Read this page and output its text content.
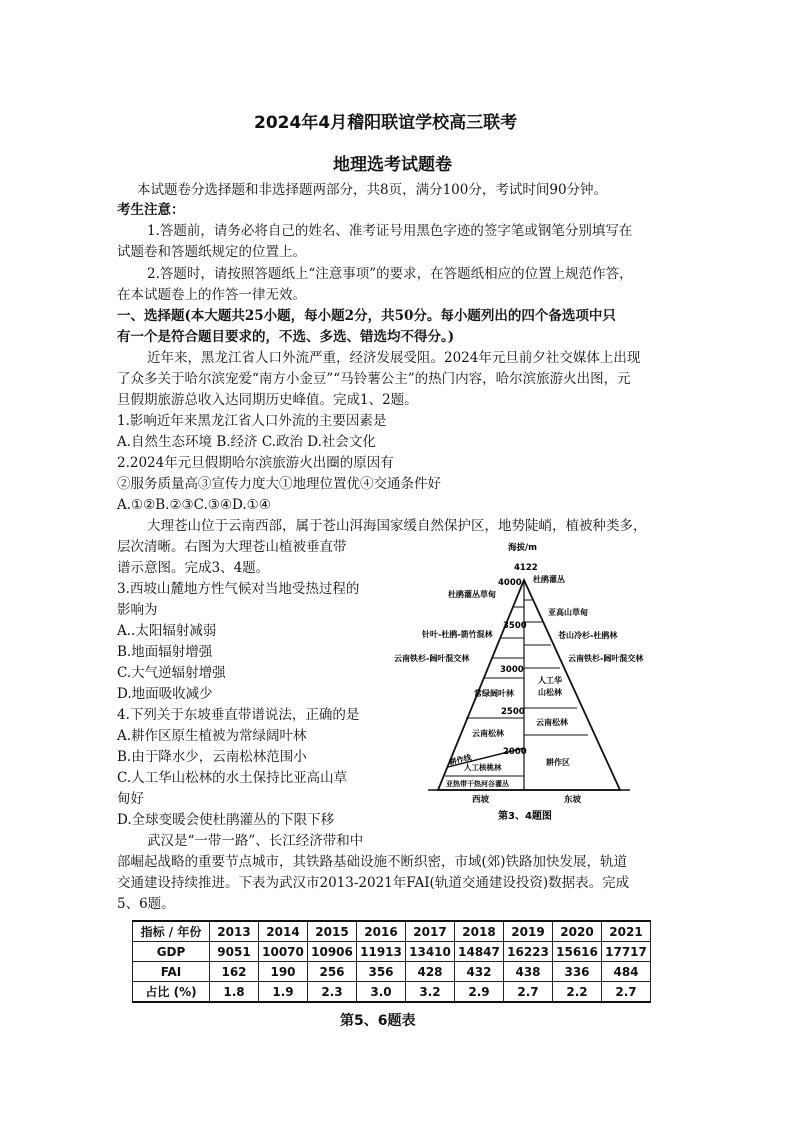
2024年4月稽阳联谊学校高三联考
地理选考试题卷
本试题卷分选择题和非选择题两部分，共8页，满分100分，考试时间90分钟。
考生注意：
1.答题前，请务必将自己的姓名、准考证号用黑色字迹的签字笔或钢笔分别填写在
试题卷和答题纸规定的位置上。
2.答题时，请按照答题纸上“注意事项”的要求，在答题纸相应的位置上规范作答，
在本试题卷上的作答一律无效。
一、选择题(本大题共25小题，每小题2分，共50分。每小题列出的四个备选项中只
有一个是符合题目要求的，不选、多选、错选均不得分。)
近年来，黑龙江省人口外流严重，经济发展受阻。2024年元旦前夕社交媒体上出现
了众多关于哈尔滨宠爱“南方小金豆”“马铃薯公主”的热门内容，哈尔滨旅游火出图，元
旦假期旅游总收入达同期历史峰值。完成1、2题。
1.影响近年来黑龙江省人口外流的主要因素是
A.自然生态环境 B.经济 C.政治 D.社会文化
2.2024年元旦假期哈尔滨旅游火出圈的原因有
②服务质量高③宣传力度大①地理位置优④交通条件好
A.①②B.②③C.③④D.①④
大理苍山位于云南西部，属于苍山洱海国家缓自然保护区，地势陡峭，植被种类多，
层次清晰。右图为大理苍山植被垂直带
谱示意图。完成3、4题。
3.西坡山麓地方性气候对当地受热过程的
影响为
A..太阳辐射减弱
B.地面辐射增强
C.大气逆辐射增强
D.地面吸收减少
4.下列关于东坡垂直带谱说法，正确的是
A.耕作区原生植被为常绿阔叶林
B.由于降水少，云南松林范围小
C.人工华山松林的水土保持比亚高山草
甸好
D.全球变暖会使杜鹃灌丛的下限下移
武汉是“一带一路”、长江经济带和中
部崛起战略的重要节点城市，其铁路基础设施不断织密，市域(郊)铁路加快发展，轨道
交通建设持续推进。下表为武汉市2013-2021年FAI(轨道交通建设投资)数据表。完成
5、6题。
海拔/m
4122
4000
3500
3000
2500
2000
杜鹃灌丛草甸
针叶-杜鹃-箭竹混林
云南铁杉-阔叶混交林
常绿阔叶林
云南松林
耕作线
人工核桃林
亚热带干热河谷灌丛
杜鹃灌丛
亚高山草甸
苍山冷杉-杜鹃林
云南铁杉-阔叶混交林
人工华
山松林
云南松林
耕作区
西坡	东坡
第3、4题图
指标 / 年份	2013	2014	2015	2016	2017	2018	2019	2020	2021
GDP	9051	10070	10906	11913	13410	14847	16223	15616	17717
FAI	162	190	256	356	428	432	438	336	484
占比 (%)	1.8	1.9	2.3	3.0	3.2	2.9	2.7	2.2	2.7
第5、6题表
